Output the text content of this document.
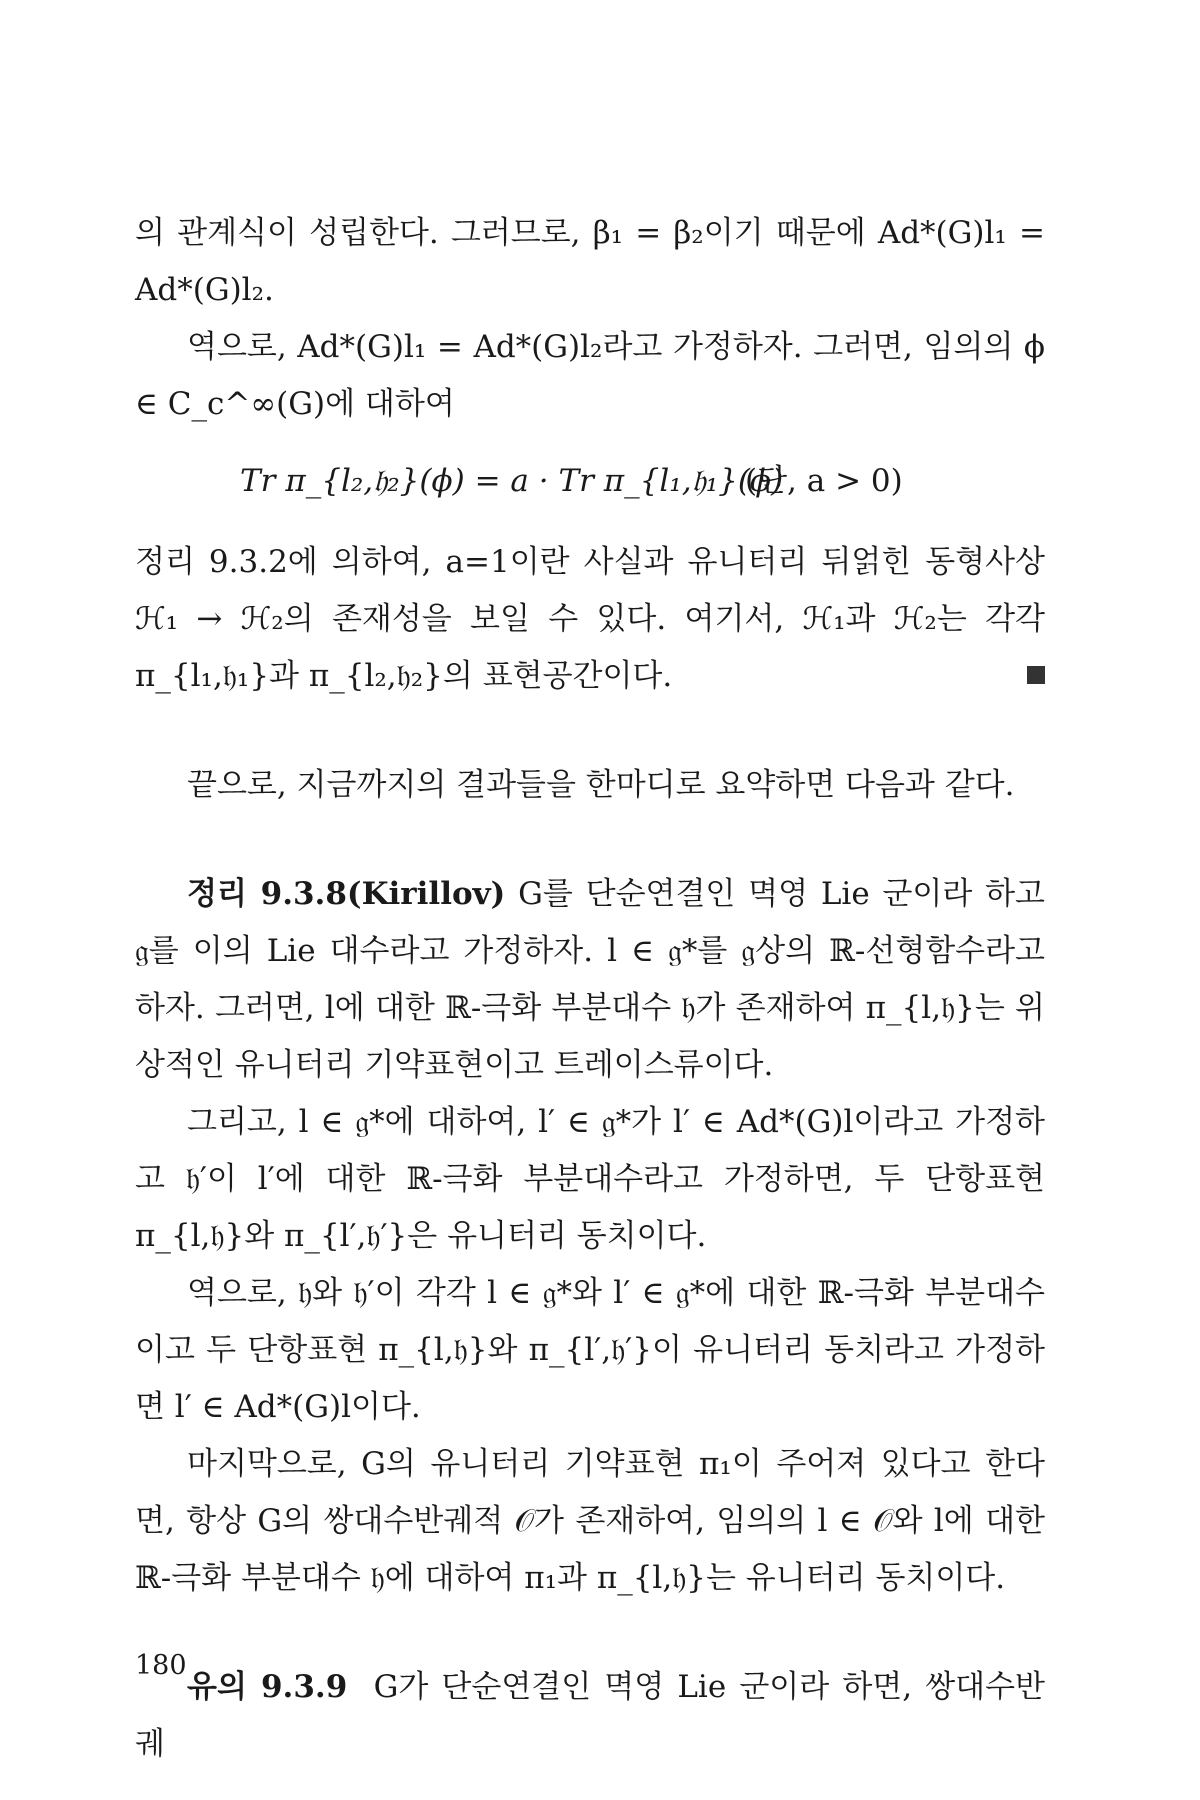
의 관계식이 성립한다. 그러므로, β₁ = β₂이기 때문에 Ad*(G)l₁ = Ad*(G)l₂.

역으로, Ad*(G)l₁ = Ad*(G)l₂라고 가정하자. 그러면, 임의의 ϕ ∈ C_c^∞(G)에 대하여

Tr π_{l₂,𝔥₂}(ϕ) = a · Tr π_{l₁,𝔥₁}(ϕ)
(단, a > 0)

정리 9.3.2에 의하여, a=1이란 사실과 유니터리 뒤얽힌 동형사상 ℋ₁ → ℋ₂의 존재성을 보일 수 있다. 여기서, ℋ₁과 ℋ₂는 각각 π_{l₁,𝔥₁}과 π_{l₂,𝔥₂}의 표현공간이다.

끝으로, 지금까지의 결과들을 한마디로 요약하면 다음과 같다.

정리 9.3.8(Kirillov) G를 단순연결인 멱영 Lie 군이라 하고 𝔤를 이의 Lie 대수라고 가정하자. l ∈ 𝔤*를 𝔤상의 ℝ-선형함수라고 하자. 그러면, l에 대한 ℝ-극화 부분대수 𝔥가 존재하여 π_{l,𝔥}는 위상적인 유니터리 기약표현이고 트레이스류이다.

그리고, l ∈ 𝔤*에 대하여, l′ ∈ 𝔤*가 l′ ∈ Ad*(G)l이라고 가정하고 𝔥′이 l′에 대한 ℝ-극화 부분대수라고 가정하면, 두 단항표현 π_{l,𝔥}와 π_{l′,𝔥′}은 유니터리 동치이다.

역으로, 𝔥와 𝔥′이 각각 l ∈ 𝔤*와 l′ ∈ 𝔤*에 대한 ℝ-극화 부분대수이고 두 단항표현 π_{l,𝔥}와 π_{l′,𝔥′}이 유니터리 동치라고 가정하면 l′ ∈ Ad*(G)l이다.

마지막으로, G의 유니터리 기약표현 π₁이 주어져 있다고 한다면, 항상 G의 쌍대수반궤적 𝒪가 존재하여, 임의의 l ∈ 𝒪와 l에 대한 ℝ-극화 부분대수 𝔥에 대하여 π₁과 π_{l,𝔥}는 유니터리 동치이다.

유의 9.3.9 G가 단순연결인 멱영 Lie 군이라 하면, 쌍대수반궤

180
